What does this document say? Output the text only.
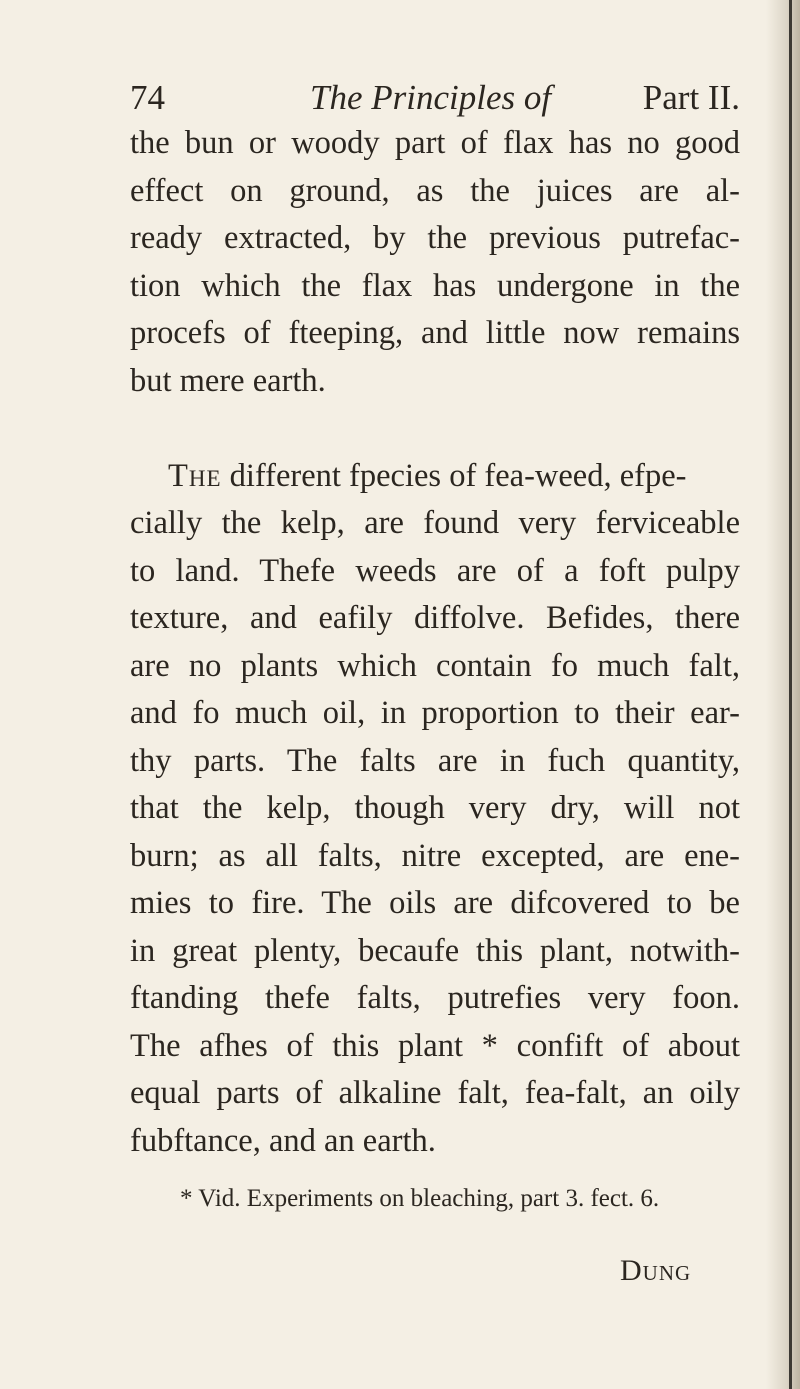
74	The Principles of	Part II.
the bun or woody part of flax has no good
effect on ground, as the juices are al-
ready extracted, by the previous putrefac-
tion which the flax has undergone in the
procefs of fteeping, and little now remains
but mere earth.
The different fpecies of fea-weed, efpe-
cially the kelp, are found very ferviceable
to land. Thefe weeds are of a foft pulpy
texture, and eafily diffolve. Befides, there
are no plants which contain fo much falt,
and fo much oil, in proportion to their ear-
thy parts. The falts are in fuch quantity,
that the kelp, though very dry, will not
burn; as all falts, nitre excepted, are ene-
mies to fire. The oils are difcovered to be
in great plenty, becaufe this plant, notwith-
ftanding thefe falts, putrefies very foon.
The afhes of this plant * confift of about
equal parts of alkaline falt, fea-falt, an oily
fubftance, and an earth.
* Vid. Experiments on bleaching, part 3. fect. 6.
Dung
